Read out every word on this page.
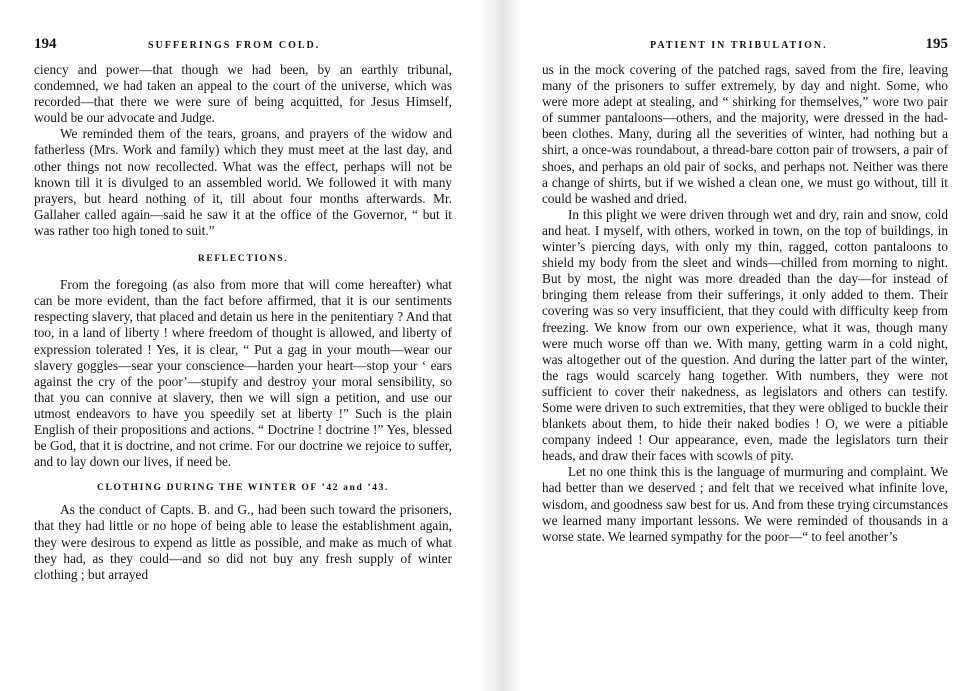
194	SUFFERINGS FROM COLD.

ciency and power—that though we had been, by an earthly tribunal, condemned, we had taken an appeal to the court of the universe, which was recorded—that there we were sure of being acquitted, for Jesus Himself, would be our advocate and Judge.

We reminded them of the tears, groans, and prayers of the widow and fatherless (Mrs. Work and family) which they must meet at the last day, and other things not now recollected. What was the effect, perhaps will not be known till it is divulged to an assembled world. We followed it with many prayers, but heard nothing of it, till about four months afterwards. Mr. Gallaher called again—said he saw it at the office of the Governor, “ but it was rather too high toned to suit.”

REFLECTIONS.

From the foregoing (as also from more that will come hereafter) what can be more evident, than the fact before affirmed, that it is our sentiments respecting slavery, that placed and detain us here in the penitentiary ? And that too, in a land of liberty ! where freedom of thought is allowed, and liberty of expression tolerated ! Yes, it is clear, “ Put a gag in your mouth—wear our slavery goggles—sear your conscience—harden your heart—stop your ‘ ears against the cry of the poor’—stupify and destroy your moral sensibility, so that you can connive at slavery, then we will sign a petition, and use our utmost endeavors to have you speedily set at liberty !” Such is the plain English of their propositions and actions. “ Doctrine ! doctrine !” Yes, blessed be God, that it is doctrine, and not crime. For our doctrine we rejoice to suffer, and to lay down our lives, if need be.

CLOTHING DURING THE WINTER OF ’42 and ’43.

As the conduct of Capts. B. and G., had been such toward the prisoners, that they had little or no hope of being able to lease the establishment again, they were desirous to expend as little as possible, and make as much of what they had, as they could—and so did not buy any fresh supply of winter clothing ; but arrayed

PATIENT IN TRIBULATION.	195

us in the mock covering of the patched rags, saved from the fire, leaving many of the prisoners to suffer extremely, by day and night. Some, who were more adept at stealing, and “ shirking for themselves,” wore two pair of summer pantaloons—others, and the majority, were dressed in the had-been clothes. Many, during all the severities of winter, had nothing but a shirt, a once-was roundabout, a thread-bare cotton pair of trowsers, a pair of shoes, and perhaps an old pair of socks, and perhaps not. Neither was there a change of shirts, but if we wished a clean one, we must go without, till it could be washed and dried.

In this plight we were driven through wet and dry, rain and snow, cold and heat. I myself, with others, worked in town, on the top of buildings, in winter’s piercing days, with only my thin, ragged, cotton pantaloons to shield my body from the sleet and winds—chilled from morning to night. But by most, the night was more dreaded than the day—for instead of bringing them release from their sufferings, it only added to them. Their covering was so very insufficient, that they could with difficulty keep from freezing. We know from our own experience, what it was, though many were much worse off than we. With many, getting warm in a cold night, was altogether out of the question. And during the latter part of the winter, the rags would scarcely hang together. With numbers, they were not sufficient to cover their nakedness, as legislators and others can testify. Some were driven to such extremities, that they were obliged to buckle their blankets about them, to hide their naked bodies ! O, we were a pitiable company indeed ! Our appearance, even, made the legislators turn their heads, and draw their faces with scowls of pity.

Let no one think this is the language of murmuring and complaint. We had better than we deserved ; and felt that we received what infinite love, wisdom, and goodness saw best for us. And from these trying circumstances we learned many important lessons. We were reminded of thousands in a worse state. We learned sympathy for the poor—“ to feel another’s
